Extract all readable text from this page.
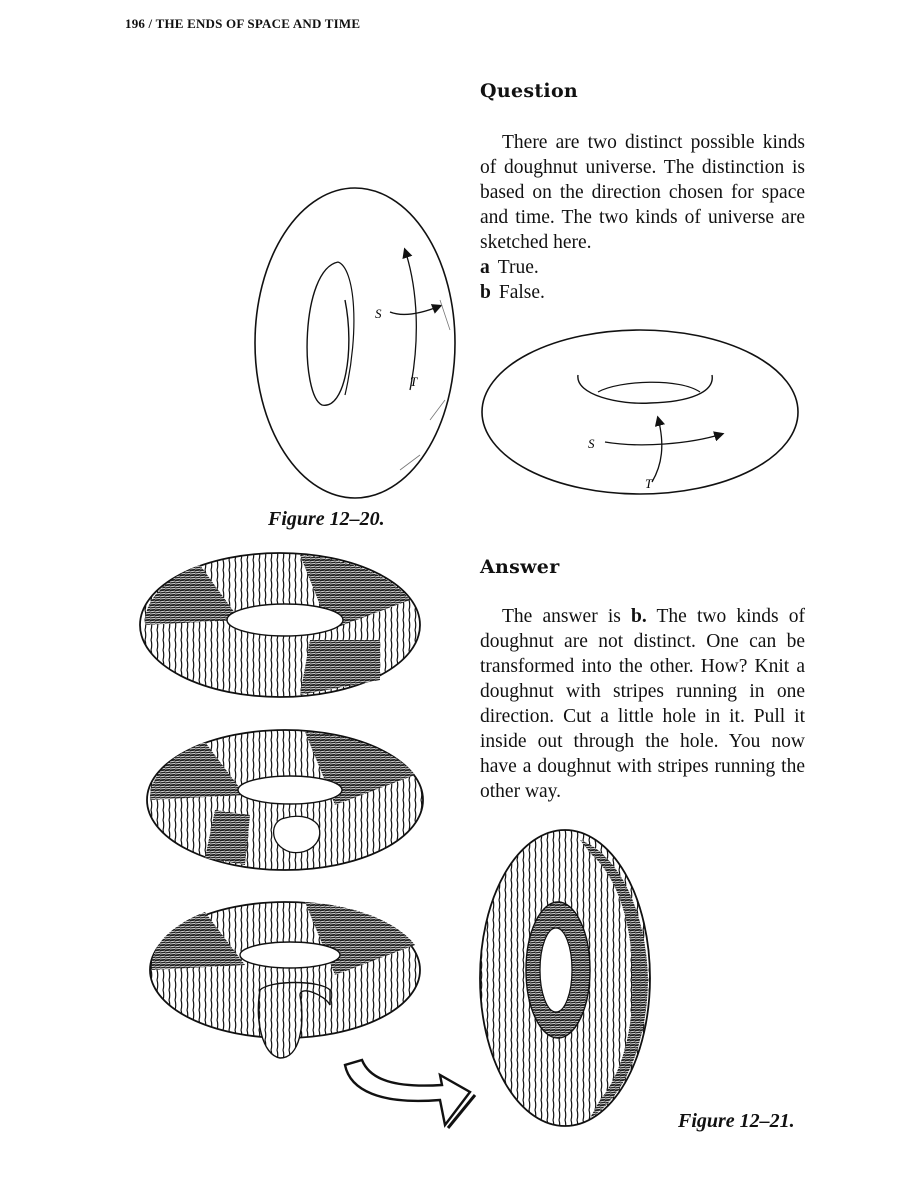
196 / THE ENDS OF SPACE AND TIME
Question

There are two distinct possible kinds of doughnut universe. The distinction is based on the direction chosen for space and time. The two kinds of universe are sketched here.

a True.
b False.
S
T
S
T
Figure 12–20.
Answer

The answer is b. The two kinds of doughnut are not distinct. One can be transformed into the other. How? Knit a doughnut with stripes running in one direction. Cut a little hole in it. Pull it inside out through the hole. You now have a doughnut with stripes running the other way.

Figure 12–21.
